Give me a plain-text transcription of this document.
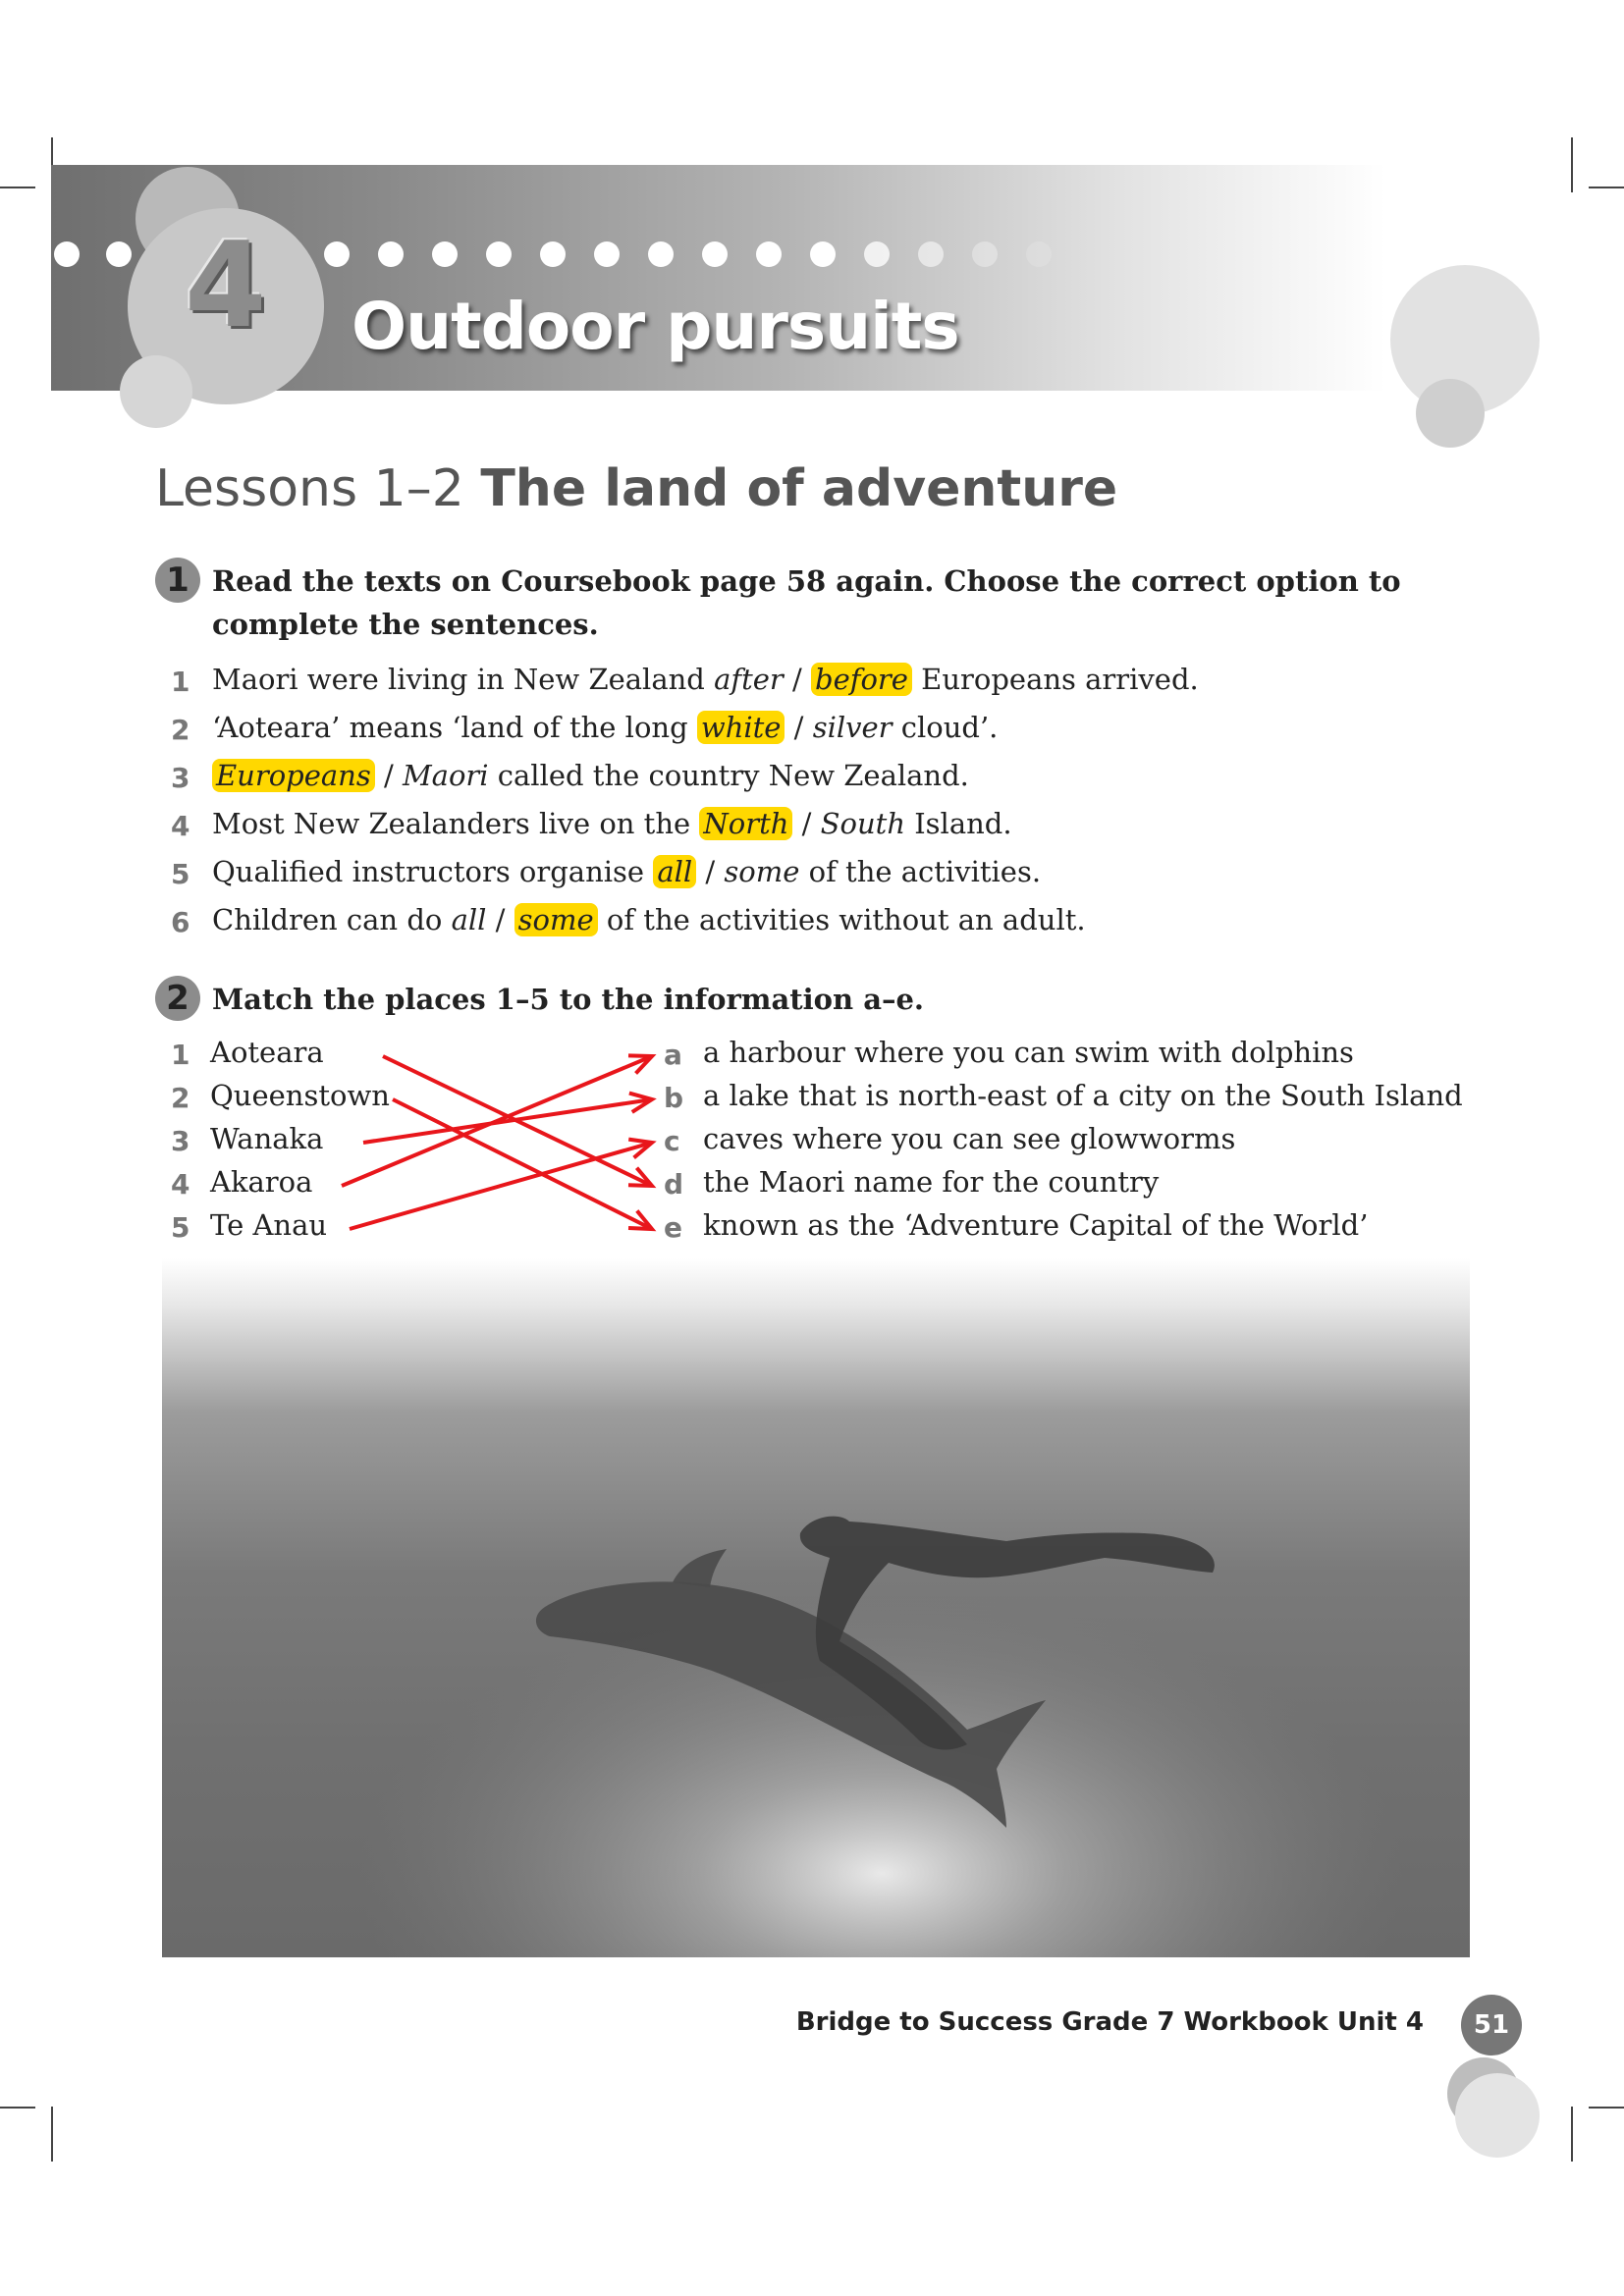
4 Outdoor pursuits
Lessons 1–2 The land of adventure
1 Read the texts on Coursebook page 58 again. Choose the correct option to complete the sentences.
1 Maori were living in New Zealand after / before Europeans arrived.
2 ‘Aoteara’ means ‘land of the long white / silver cloud’.
3 Europeans / Maori called the country New Zealand.
4 Most New Zealanders live on the North / South Island.
5 Qualified instructors organise all / some of the activities.
6 Children can do all / some of the activities without an adult.
2 Match the places 1–5 to the information a–e.
1 Aoteara
2 Queenstown
3 Wanaka
4 Akaroa
5 Te Anau
a a harbour where you can swim with dolphins
b a lake that is north-east of a city on the South Island
c caves where you can see glowworms
d the Maori name for the country
e known as the ‘Adventure Capital of the World’
Bridge to Success Grade 7 Workbook Unit 4	51
